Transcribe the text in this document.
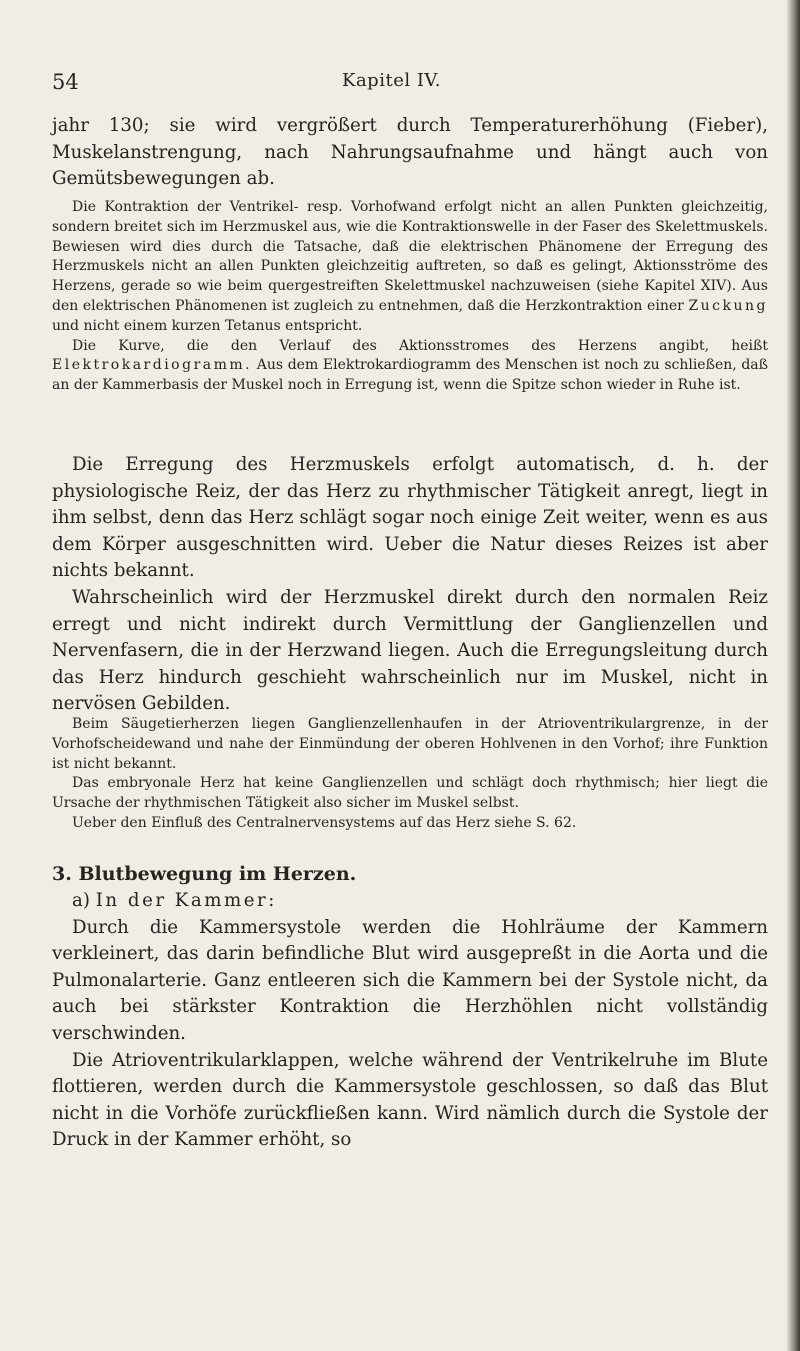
54	Kapitel IV.

jahr 130; sie wird vergrößert durch Temperaturerhöhung (Fieber), Muskelanstrengung, nach Nahrungsaufnahme und hängt auch von Gemütsbewegungen ab.

Die Kontraktion der Ventrikel- resp. Vorhofwand erfolgt nicht an allen Punkten gleichzeitig, sondern breitet sich im Herzmuskel aus, wie die Kontraktionswelle in der Faser des Skelettmuskels. Bewiesen wird dies durch die Tatsache, daß die elektrischen Phänomene der Erregung des Herzmuskels nicht an allen Punkten gleichzeitig auftreten, so daß es gelingt, Aktionsströme des Herzens, gerade so wie beim quergestreiften Skelettmuskel nachzuweisen (siehe Kapitel XIV). Aus den elektrischen Phänomenen ist zugleich zu entnehmen, daß die Herzkontraktion einer Zuckung und nicht einem kurzen Tetanus entspricht.

Die Kurve, die den Verlauf des Aktionsstromes des Herzens angibt, heißt Elektrokardiogramm. Aus dem Elektrokardiogramm des Menschen ist noch zu schließen, daß an der Kammerbasis der Muskel noch in Erregung ist, wenn die Spitze schon wieder in Ruhe ist.

Die Erregung des Herzmuskels erfolgt automatisch, d. h. der physiologische Reiz, der das Herz zu rhythmischer Tätigkeit anregt, liegt in ihm selbst, denn das Herz schlägt sogar noch einige Zeit weiter, wenn es aus dem Körper ausgeschnitten wird. Ueber die Natur dieses Reizes ist aber nichts bekannt.

Wahrscheinlich wird der Herzmuskel direkt durch den normalen Reiz erregt und nicht indirekt durch Vermittlung der Ganglienzellen und Nervenfasern, die in der Herzwand liegen. Auch die Erregungsleitung durch das Herz hindurch geschieht wahrscheinlich nur im Muskel, nicht in nervösen Gebilden.

Beim Säugetierherzen liegen Ganglienzellenhaufen in der Atrioventrikulargrenze, in der Vorhofscheidewand und nahe der Einmündung der oberen Hohlvenen in den Vorhof; ihre Funktion ist nicht bekannt.

Das embryonale Herz hat keine Ganglienzellen und schlägt doch rhythmisch; hier liegt die Ursache der rhythmischen Tätigkeit also sicher im Muskel selbst.

Ueber den Einfluß des Centralnervensystems auf das Herz siehe S. 62.

3. Blutbewegung im Herzen.

a) In der Kammer:

Durch die Kammersystole werden die Hohlräume der Kammern verkleinert, das darin befindliche Blut wird ausgepreßt in die Aorta und die Pulmonalarterie. Ganz entleeren sich die Kammern bei der Systole nicht, da auch bei stärkster Kontraktion die Herzhöhlen nicht vollständig verschwinden.

Die Atrioventrikularklappen, welche während der Ventrikelruhe im Blute flottieren, werden durch die Kammersystole geschlossen, so daß das Blut nicht in die Vorhöfe zurückfließen kann. Wird nämlich durch die Systole der Druck in der Kammer erhöht, so
